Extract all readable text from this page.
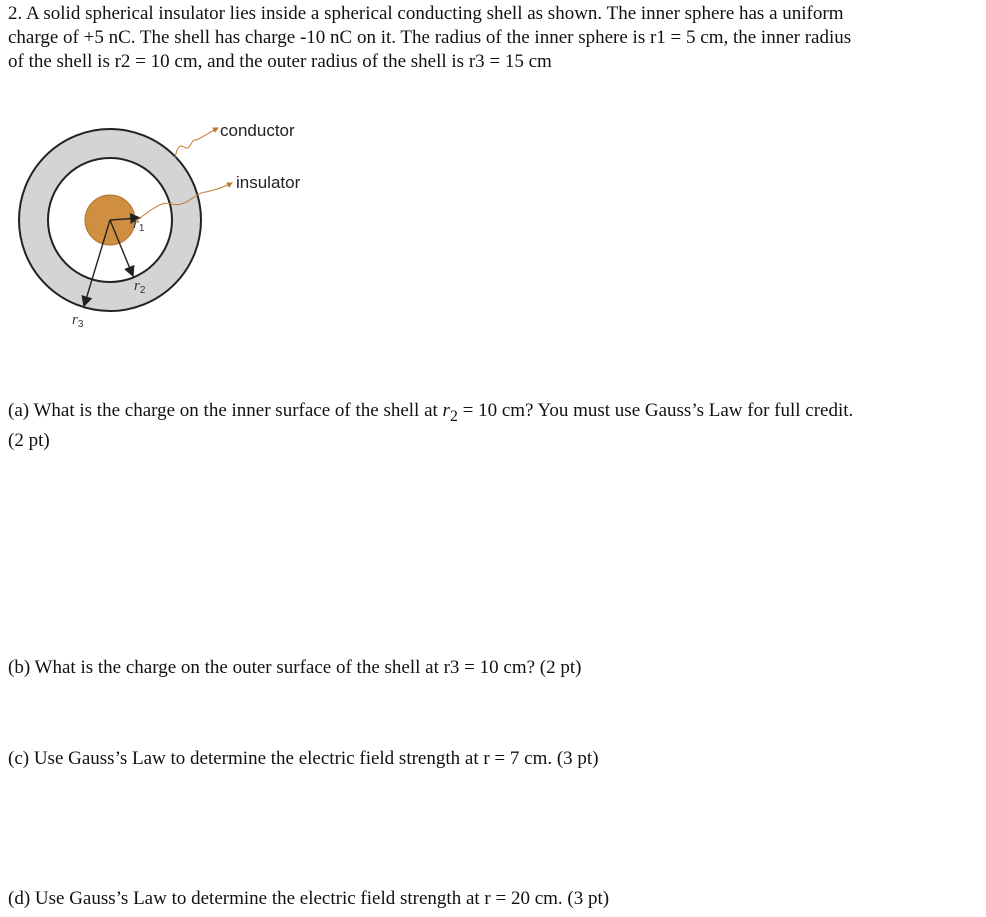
2. A solid spherical insulator lies inside a spherical conducting shell as shown. The inner sphere has a uniform
charge of +5 nC. The shell has charge -10 nC on it. The radius of the inner sphere is r1 = 5 cm, the inner radius
of the shell is r2 = 10 cm, and the outer radius of the shell is r3 = 15 cm
conductor
insulator
$r_1$
$r_2$
$r_3$
(a) What is the charge on the inner surface of the shell at $r_2 = 10$ cm? You must use Gauss’s Law for full credit.
(2 pt)
(b) What is the charge on the outer surface of the shell at r3 = 10 cm? (2 pt)
(c) Use Gauss’s Law to determine the electric field strength at r = 7 cm. (3 pt)
(d) Use Gauss’s Law to determine the electric field strength at r = 20 cm. (3 pt)
